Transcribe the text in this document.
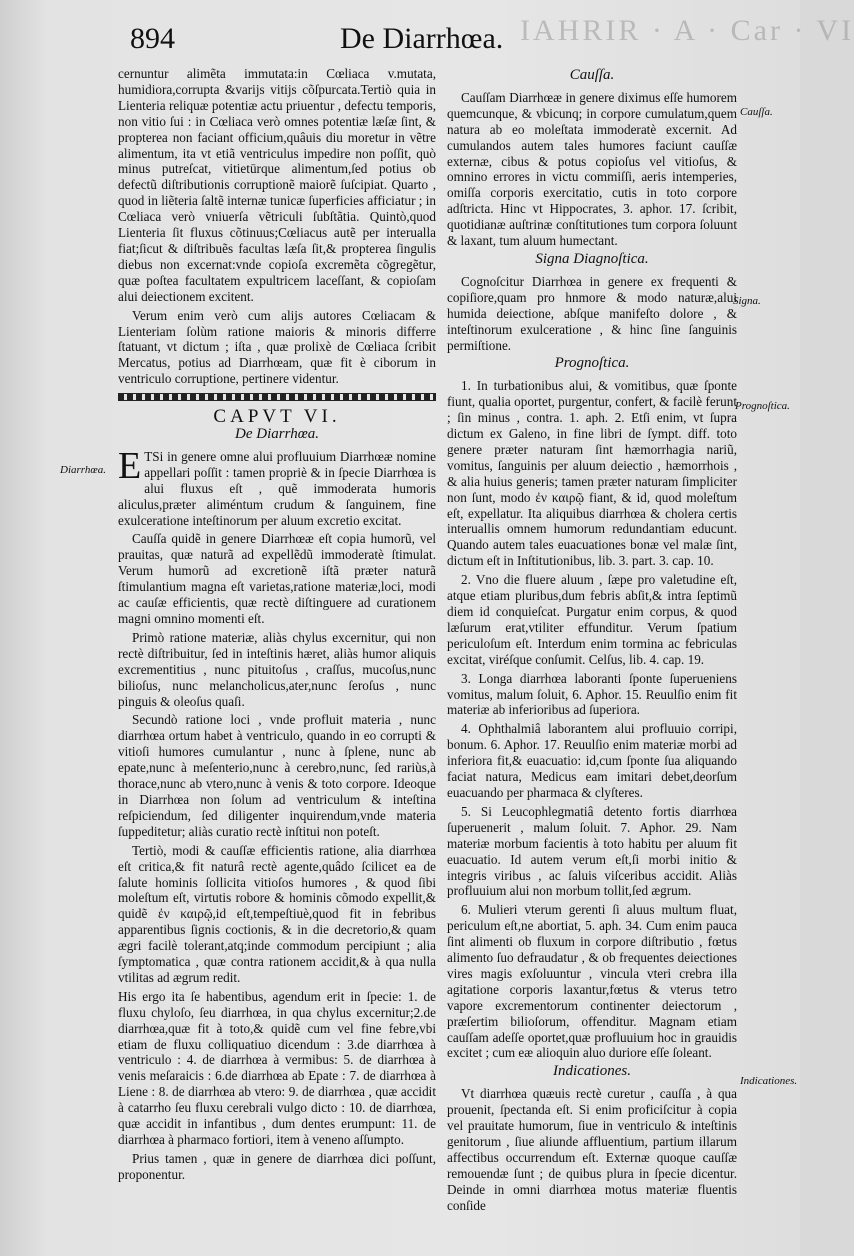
IAHRIR · A · Car · VI
894	De Diarrhœa.

cernuntur alimẽta immutata:in Cœliaca v.mutata, humidiora,corrupta &varijs vitijs cõſpurcata.Tertiò quia in Lienteria reliquæ potentiæ actu priuentur , defectu temporis, non vitio ſui : in Cœliaca verò omnes potentiæ læſæ ſint, & propterea non faciant officium,quâuis diu moretur in vẽtre alimentum, ita vt etiã ventriculus impedire non poſſit, quò minus putreſcat, vitietūrque alimentum,ſed potius ob defectũ diſtributionis corruptionẽ maiorẽ ſuſcipiat. Quarto , quod in liẽteria ſaltẽ internæ tunicæ ſuperficies afficiatur ; in Cœliaca verò vniuerſa vẽtriculi ſubſtãtia. Quintò,quod Lienteria ſit fluxus cõtinuus;Cœliacus autẽ per interualla fiat;ſicut & diſtribuẽs facultas læſa ſit,& propterea ſingulis diebus non excernat:vnde copioſa excremẽta cõgregẽtur, quæ poſtea facultatem expultricem laceſſant, & copioſam alui deiectionem excitent.

Verum enim verò cum alijs autores Cœliacam & Lienteriam ſolùm ratione maioris & minoris differre ſtatuant, vt dictum ; iſta , quæ prolixè de Cœliaca ſcribit Mercatus, potius ad Diarrhœam, quæ fit è ciborum in ventriculo corruptione, pertinere videntur.

CAPVT VI.
De Diarrhœa.

E TSi in genere omne alui profluuium Diarrhœæ nomine appellari poſſit : tamen propriè & in ſpecie Diarrhœa is alui fluxus eſt , quẽ immoderata humoris aliculus,præter aliméntum crudum & ſanguinem, fine exulceratione inteſtinorum per aluum excretio excitat.

Cauſſa quidẽ in genere Diarrhœæ eſt copia humorũ, vel prauitas, quæ naturã ad expellẽdũ immoderatè ſtimulat. Verum humorũ ad excretionẽ iſtã præter naturã ſtimulantium magna eſt varietas,ratione materiæ,loci, modi ac cauſæ efficientis, quæ rectè diſtinguere ad curationem magni omnino momenti eſt.

Primò ratione materiæ, aliàs chylus excernitur, qui non rectè diſtribuitur, ſed in inteſtinis hæret, aliàs humor aliquis excrementitius , nunc pituitoſus , craſſus, mucoſus,nunc bilioſus, nunc melancholicus,ater,nunc ſeroſus , nunc pinguis & oleoſus quaſi.

Secundò ratione loci , vnde profluit materia , nunc diarrhœa ortum habet à ventriculo, quando in eo corrupti & vitioſi humores cumulantur , nunc à ſplene, nunc ab epate,nunc à meſenterio,nunc à cerebro,nunc, ſed rariùs,à thorace,nunc ab vtero,nunc à venis & toto corpore. Ideoque in Diarrhœa non ſolum ad ventriculum & inteſtina reſpiciendum, ſed diligenter inquirendum,vnde materia ſuppeditetur; aliàs curatio rectè inſtitui non poteſt.

Tertiò, modi & cauſſæ efficientis ratione, alia diarrhœa eſt critica,& fit naturâ rectè agente,quâdo ſcilicet ea de ſalute hominis ſollicita vitioſos humores , & quod ſibi moleſtum eſt, virtutis robore & hominis cõmodo expellit,& quidẽ ἐν καιρῷ,id eſt,tempeſtiuè,quod fit in febribus apparentibus ſignis coctionis, & in die decretorio,& quam ægri facilè tolerant,atq;inde commodum percipiunt ; alia ſymptomatica , quæ contra rationem accidit,& à qua nulla vtilitas ad ægrum redit.

His ergo ita ſe habentibus, agendum erit in ſpecie: 1. de fluxu chyloſo, ſeu diarrhœa, in qua chylus excernitur;2.de diarrhœa,quæ fit à toto,& quidẽ cum vel fine febre,vbi etiam de fluxu colliquatiuo dicendum : 3.de diarrhœa à ventriculo : 4. de diarrhœa à vermibus: 5. de diarrhœa à venis meſaraicis : 6.de diarrhœa ab Epate : 7. de diarrhœa à Liene : 8. de diarrhœa ab vtero: 9. de diarrhœa , quæ accidit à catarrho ſeu fluxu cerebrali vulgo dicto : 10. de diarrhœa, quæ accidit in infantibus , dum dentes erumpunt: 11. de diarrhœa à pharmaco fortiori, item à veneno aſſumpto.

Prius tamen , quæ in genere de diarrhœa dici poſſunt, proponentur.

Diarrhœa.
Cauſſa.

Cauſſam Diarrhœæ in genere diximus eſſe humorem quemcunque, & vbicunq; in corpore cumulatum,quem natura ab eo moleſtata immoderatè excernit. Ad cumulandos autem tales humores faciunt cauſſæ externæ, cibus & potus copioſus vel vitioſus, & omnino errores in victu commiſſi, aeris intemperies, omiſſa corporis exercitatio, cutis in toto corpore adſtricta. Hinc vt Hippocrates, 3. aphor. 17. ſcribit, quotidianæ auſtrinæ conſtitutiones tum corpora ſoluunt & laxant, tum aluum humectant.

Signa Diagnoſtica.

Cognoſcitur Diarrhœa in genere ex frequenti & copiſiore,quam pro hnmore & modo naturæ,alui humida deiectione, abſque manifeſto dolore , & inteſtinorum exulceratione , & hinc ſine ſanguinis permiſtione.

Prognoſtica.

1. In turbationibus alui, & vomitibus, quæ ſponte fiunt, qualia oportet, purgentur, confert, & facilè ferunt ; ſin minus , contra. 1. aph. 2. Etſi enim, vt ſupra dictum ex Galeno, in fine libri de ſympt. diff. toto genere præter naturam ſint hæmorrhagia nariũ, vomitus, ſanguinis per aluum deiectio , hæmorrhois , & alia huius generis; tamen præter naturam ſimpliciter non ſunt, modo ἐν καιρῷ fiant, & id, quod moleſtum eſt, expellatur. Ita aliquibus diarrhœa & cholera certis interuallis omnem humorum redundantiam educunt. Quando autem tales euacuationes bonæ vel malæ ſint, dictum eſt in Inſtitutionibus, lib. 3. part. 3. cap. 10.

2. Vno die fluere aluum , ſæpe pro valetudine eſt, atque etiam pluribus,dum febris abſit,& intra ſeptimũ diem id conquieſcat. Purgatur enim corpus, & quod læſurum erat,vtiliter effunditur. Verum ſpatium periculoſum eſt. Interdum enim tormina ac febriculas excitat, viréſque conſumit. Celſus, lib. 4. cap. 19.

3. Longa diarrhœa laboranti ſponte ſuperueniens vomitus, malum ſoluit, 6. Aphor. 15. Reuulſio enim fit materiæ ab inferioribus ad ſuperiora.

4. Ophthalmiâ laborantem alui profluuio corripi, bonum. 6. Aphor. 17. Reuulſio enim materiæ morbi ad inferiora fit,& euacuatio: id,cum ſponte ſua aliquando faciat natura, Medicus eam imitari debet,deorſum euacuando per pharmaca & clyſteres.

5. Si Leucophlegmatiâ detento fortis diarrhœa ſuperuenerit , malum ſoluit. 7. Aphor. 29. Nam materiæ morbum facientis à toto habitu per aluum fit euacuatio. Id autem verum eſt,ſi morbi initio & integris viribus , ac ſaluis viſceribus accidit. Aliàs profluuium alui non morbum tollit,ſed ægrum.

6. Mulieri vterum gerenti ſi aluus multum fluat, periculum eſt,ne abortiat, 5. aph. 34. Cum enim pauca ſint alimenti ob fluxum in corpore diſtributio , fœtus alimento ſuo defraudatur , & ob frequentes deiectiones vires magis exſoluuntur , vincula vteri crebra illa agitatione corporis laxantur,fœtus & vterus tetro vapore excrementorum continenter deiectorum , præſertim bilioſorum, offenditur. Magnam etiam cauſſam adeſſe oportet,quæ profluuium hoc in grauidis excitet ; cum eæ alioquin aluo duriore eſſe ſoleant.

Indicationes.

Vt diarrhœa quæuis rectè curetur , cauſſa , à qua prouenit, ſpectanda eſt. Si enim proficiſcitur à copia vel prauitate humorum, ſiue in ventriculo & inteſtinis genitorum , ſiue aliunde affluentium, partium illarum affectibus occurrendum eſt. Externæ quoque cauſſæ remouendæ ſunt ; de quibus plura in ſpecie dicentur. Deinde in omni diarrhœa motus materiæ fluentis conſide

Cauſſa.
Signa.
Prognoſtica.
Indicationes.
